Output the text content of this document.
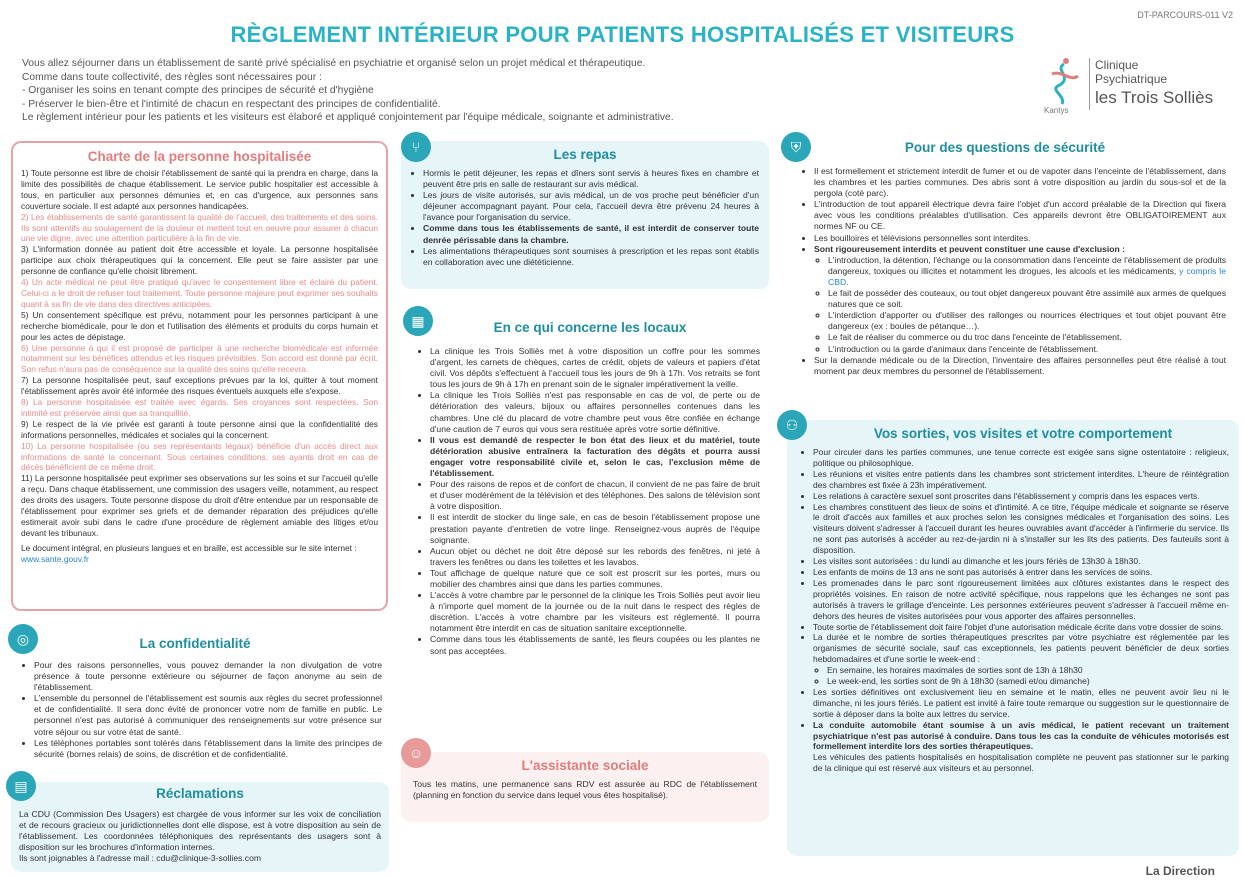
DT-PARCOURS-011 V2
RÈGLEMENT INTÉRIEUR POUR PATIENTS HOSPITALISÉS ET VISITEURS
Vous allez séjourner dans un établissement de santé privé spécialisé en psychiatrie et organisé selon un projet médical et thérapeutique.
Comme dans toute collectivité, des règles sont nécessaires pour :
- Organiser les soins en tenant compte des principes de sécurité et d'hygiène
- Préserver le bien-être et l'intimité de chacun en respectant des principes de confidentialité.
Le règlement intérieur pour les patients et les visiteurs est élaboré et appliqué conjointement par l'équipe médicale, soignante et administrative.
Kantys
Clinique
Psychiatrique
les Trois Solliès
Charte de la personne hospitalisée

1) Toute personne est libre de choisir l'établissement de santé qui la prendra en charge, dans la limite des possibilités de chaque établissement. Le service public hospitalier est accessible à tous, en particulier aux personnes démunies et, en cas d'urgence, aux personnes sans couverture sociale. Il est adapté aux personnes handicapées.

2) Les établissements de santé garantissent la qualité de l'accueil, des traitements et des soins. Ils sont attentifs au soulagement de la douleur et mettent tout en oeuvre pour assurer à chacun une vie digne, avec une attention particulière à la fin de vie.

3) L'information donnée au patient doit être accessible et loyale. La personne hospitalisée participe aux choix thérapeutiques qui la concernent. Elle peut se faire assister par une personne de confiance qu'elle choisit librement.

4) Un acte médical ne peut être pratiqué qu'avec le consentement libre et éclairé du patient. Celui-ci a le droit de refuser tout traitement. Toute personne majeure peut exprimer ses souhaits quant à sa fin de vie dans des directives anticipées.

5) Un consentement spécifique est prévu, notamment pour les personnes participant à une recherche biomédicale, pour le don et l'utilisation des éléments et produits du corps humain et pour les actes de dépistage.

6) Une personne à qui il est proposé de participer à une recherche biomédicale est informée notamment sur les bénéfices attendus et les risques prévisibles. Son accord est donné par écrit. Son refus n'aura pas de conséquence sur la qualité des soins qu'elle recevra.

7) La personne hospitalisée peut, sauf exceptions prévues par la loi, quitter à tout moment l'établissement après avoir été informée des risques éventuels auxquels elle s'expose.

8) La personne hospitalisée est traitée avec égards. Ses croyances sont respectées. Son intimité est préservée ainsi que sa tranquillité.

9) Le respect de la vie privée est garanti à toute personne ainsi que la confidentialité des informations personnelles, médicales et sociales qui la concernent.

10) La personne hospitalisée (ou ses représentants légaux) bénéficie d'un accès direct aux informations de santé la concernant. Sous certaines conditions, ses ayants droit en cas de décès bénéficient de ce même droit.

11) La personne hospitalisée peut exprimer ses observations sur les soins et sur l'accueil qu'elle a reçu. Dans chaque établissement, une commission des usagers veille, notamment, au respect des droits des usagers. Toute personne dispose du droit d'être entendue par un responsable de l'établissement pour exprimer ses griefs et de demander réparation des préjudices qu'elle estimerait avoir subi dans le cadre d'une procédure de règlement amiable des litiges et/ou devant les tribunaux.

Le document intégral, en plusieurs langues et en braille, est accessible sur le site internet :

www.sante.gouv.fr

◎	La confidentialité
• Pour des raisons personnelles, vous pouvez demander la non divulgation de votre présence à toute personne extérieure ou séjourner de façon anonyme au sein de l'établissement.
• L'ensemble du personnel de l'établissement est soumis aux règles du secret professionnel et de confidentialité. Il sera donc évité de prononcer votre nom de famille en public. Le personnel n'est pas autorisé à communiquer des renseignements sur votre présence sur votre séjour ou sur votre état de santé.
• Les téléphones portables sont tolérés dans l'établissement dans la limite des principes de sécurité (bornes relais) de soins, de discrétion et de confidentialité.
Réclamations
La CDU (Commission Des Usagers) est chargée de vous informer sur les voix de conciliation et de recours gracieux ou juridictionnelles dont elle dispose, est à votre disposition au sein de l'établissement. Les coordonnées téléphoniques des représentants des usagers sont à disposition sur les brochures d'information internes.
Ils sont joignables à l'adresse mail : cdu@clinique-3-sollies.com
▤
Les repas
• Hormis le petit déjeuner, les repas et dîners sont servis à heures fixes en chambre et peuvent être pris en salle de restaurant sur avis médical.
• Les jours de visite autorisés, sur avis médical, un de vos proche peut bénéficier d'un déjeuner accompagnant payant. Pour cela, l'accueil devra être prévenu 24 heures à l'avance pour l'organisation du service.
• Comme dans tous les établissements de santé, il est interdit de conserver toute denrée périssable dans la chambre.
• Les alimentations thérapeutiques sont soumises à prescription et les repas sont établis en collaboration avec une diététicienne.
⑂
▦	En ce qui concerne les locaux
• La clinique les Trois Solliès met à votre disposition un coffre pour les sommes d'argent, les carnets de chèques, cartes de crédit, objets de valeurs et papiers d'état civil. Vos dépôts s'effectuent à l'accueil tous les jours de 9h à 17h. Vos retraits se font tous les jours de 9h à 17h en prenant soin de le signaler impérativement la veille.
• La clinique les Trois Solliès n'est pas responsable en cas de vol, de perte ou de détérioration des valeurs, bijoux ou affaires personnelles contenues dans les chambres. Une clé du placard de votre chambre peut vous être confiée en échange d'une caution de 7 euros qui vous sera restituée après votre sortie définitive.
• Il vous est demandé de respecter le bon état des lieux et du matériel, toute détérioration abusive entraînera la facturation des dégâts et pourra aussi engager votre responsabilité civile et, selon le cas, l'exclusion même de l'établissement.
• Pour des raisons de repos et de confort de chacun, il convient de ne pas faire de bruit et d'user modérément de la télévision et des téléphones. Des salons de télévision sont à votre disposition.
• Il est interdit de stocker du linge sale, en cas de besoin l'établissement propose une prestation payante d'entretien de votre linge. Renseignez-vous auprès de l'équipe soignante.
• Aucun objet ou déchet ne doit être déposé sur les rebords des fenêtres, ni jeté à travers les fenêtres ou dans les toilettes et les lavabos.
• Tout affichage de quelque nature que ce soit est proscrit sur les portes, murs ou mobilier des chambres ainsi que dans les parties communes.
• L'accès à votre chambre par le personnel de la clinique les Trois Solliès peut avoir lieu à n'importe quel moment de la journée ou de la nuit dans le respect des règles de discrétion. L'accès à votre chambre par les visiteurs est réglementé. Il pourra notamment être interdit en cas de situation sanitaire exceptionnelle.
• Comme dans tous les établissements de santé, les fleurs coupées ou les plantes ne sont pas acceptées.
L'assistante sociale
Tous les matins, une permanence sans RDV est assurée au RDC de l'établissement (planning en fonction du service dans lequel vous êtes hospitalisé).
☺
⛨	Pour des questions de sécurité
• Il est formellement et strictement interdit de fumer et ou de vapoter dans l'enceinte de l'établissement, dans les chambres et les parties communes. Des abris sont à votre disposition au jardin du sous-sol et de la pergola (coté parc).
• L'introduction de tout appareil électrique devra faire l'objet d'un accord préalable de la Direction qui fixera avec vous les conditions préalables d'utilisation. Ces appareils devront être OBLIGATOIREMENT aux normes NF ou CE.
• Les bouilloires et télévisions personnelles sont interdites.
• Sont rigoureusement interdits et peuvent constituer une cause d'exclusion :
◦ L'introduction, la détention, l'échange ou la consommation dans l'enceinte de l'établissement de produits dangereux, toxiques ou illicites et notamment les drogues, les alcools et les médicaments, y compris le CBD.
◦ Le fait de posséder des couteaux, ou tout objet dangereux pouvant être assimilé aux armes de quelques natures que ce soit.
◦ L'interdiction d'apporter ou d'utiliser des rallonges ou nourrices électriques et tout objet pouvant être dangereux (ex : boules de pétanque…).
◦ Le fait de réaliser du commerce ou du troc dans l'enceinte de l'établissement.
◦ L'introduction ou la garde d'animaux dans l'enceinte de l'établissement.
• Sur la demande médicale ou de la Direction, l'inventaire des affaires personnelles peut être réalisé à tout moment par deux membres du personnel de l'établissement.
Vos sorties, vos visites et votre comportement
• Pour circuler dans les parties communes, une tenue correcte est exigée sans signe ostentatoire : religieux, politique ou philosophique.
• Les réunions et visites entre patients dans les chambres sont strictement interdites. L'heure de réintégration des chambres est fixée à 23h impérativement.
• Les relations à caractère sexuel sont proscrites dans l'établissement y compris dans les espaces verts.
• Les chambres constituent des lieux de soins et d'intimité. A ce titre, l'équipe médicale et soignante se réserve le droit d'accès aux familles et aux proches selon les consignes médicales et l'organisation des soins. Les visiteurs doivent s'adresser à l'accueil durant les heures ouvrables avant d'accéder à l'infirmerie du service. Ils ne sont pas autorisés à accéder au rez-de-jardin ni à s'installer sur les lits des patients. Des fauteuils sont à disposition.
• Les visites sont autorisées : du lundi au dimanche et les jours fériés de 13h30 à 18h30.
• Les enfants de moins de 13 ans ne sont pas autorisés à entrer dans les services de soins.
• Les promenades dans le parc sont rigoureusement limitées aux clôtures existantes dans le respect des propriétés voisines. En raison de notre activité spécifique, nous rappelons que les échanges ne sont pas autorisés à travers le grillage d'enceinte. Les personnes extérieures peuvent s'adresser à l'accueil même en-dehors des heures de visites autorisées pour vous apporter des affaires personnelles.
• Toute sortie de l'établissement doit faire l'objet d'une autorisation médicale écrite dans votre dossier de soins.
• La durée et le nombre de sorties thérapeutiques prescrites par votre psychiatre est réglementée par les organismes de sécurité sociale, sauf cas exceptionnels, les patients peuvent bénéficier de deux sorties hebdomadaires et d'une sortie le week-end :
◦ En semaine, les horaires maximales de sorties sont de 13h à 18h30
◦ Le week-end, les sorties sont de 9h à 18h30 (samedi et/ou dimanche)
• Les sorties définitives ont exclusivement lieu en semaine et le matin, elles ne peuvent avoir lieu ni le dimanche, ni les jours fériés. Le patient est invité à faire toute remarque ou suggestion sur le questionnaire de sortie à déposer dans la boite aux lettres du service.
• La conduite automobile étant soumise à un avis médical, le patient recevant un traitement psychiatrique n'est pas autorisé à conduire. Dans tous les cas la conduite de véhicules motorisés est formellement interdite lors des sorties thérapeutiques.
Les véhicules des patients hospitalisés en hospitalisation complète ne peuvent pas stationner sur le parking de la clinique qui est réservé aux visiteurs et au personnel.
⚇
La Direction
